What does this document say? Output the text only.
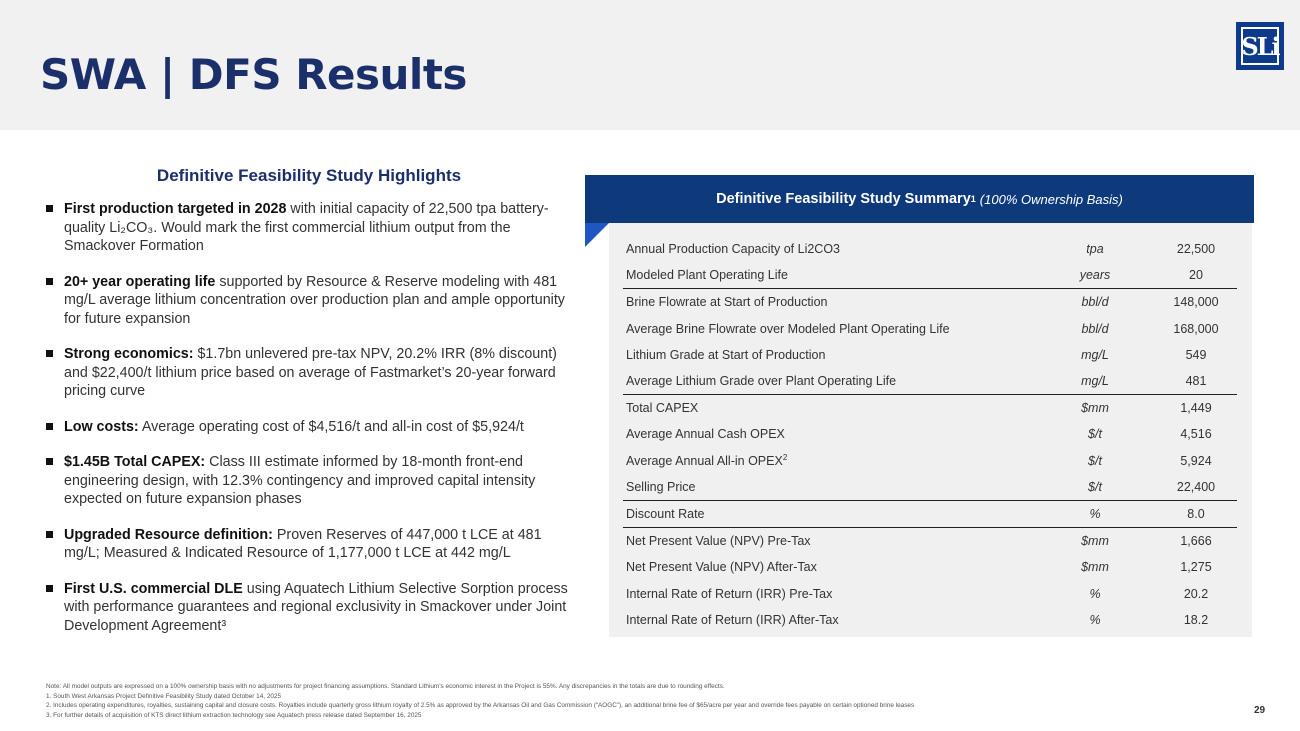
SWA | DFS Results
SLi
Definitive Feasibility Study Highlights
First production targeted in 2028 with initial capacity of 22,500 tpa battery-quality Li₂CO₃. Would mark the first commercial lithium output from the Smackover Formation
20+ year operating life supported by Resource & Reserve modeling with 481 mg/L average lithium concentration over production plan and ample opportunity for future expansion
Strong economics: $1.7bn unlevered pre-tax NPV, 20.2% IRR (8% discount) and $22,400/t lithium price based on average of Fastmarket’s 20-year forward pricing curve
Low costs: Average operating cost of $4,516/t and all-in cost of $5,924/t
$1.45B Total CAPEX: Class III estimate informed by 18-month front-end engineering design, with 12.3% contingency and improved capital intensity expected on future expansion phases
Upgraded Resource definition: Proven Reserves of 447,000 t LCE at 481 mg/L; Measured & Indicated Resource of 1,177,000 t LCE at 442 mg/L
First U.S. commercial DLE using Aquatech Lithium Selective Sorption process with performance guarantees and regional exclusivity in Smackover under Joint Development Agreement³
Definitive Feasibility Study Summary 1 (100% Ownership Basis)
Annual Production Capacity of Li2CO3	tpa	22,500
Modeled Plant Operating Life	years	20
Brine Flowrate at Start of Production	bbl/d	148,000
Average Brine Flowrate over Modeled Plant Operating Life	bbl/d	168,000
Lithium Grade at Start of Production	mg/L	549
Average Lithium Grade over Plant Operating Life	mg/L	481
Total CAPEX	$mm	1,449
Average Annual Cash OPEX	$/t	4,516
Average Annual All-in OPEX$^2$	$/t	5,924
Selling Price	$/t	22,400
Discount Rate	%	8.0
Net Present Value (NPV) Pre-Tax	$mm	1,666
Net Present Value (NPV) After-Tax	$mm	1,275
Internal Rate of Return (IRR) Pre-Tax	%	20.2
Internal Rate of Return (IRR) After-Tax	%	18.2
Note: All model outputs are expressed on a 100% ownership basis with no adjustments for project financing assumptions. Standard Lithium’s economic interest in the Project is 55%. Any discrepancies in the totals are due to rounding effects.
1. South West Arkansas Project Definitive Feasibility Study dated October 14, 2025
2. Includes operating expenditures, royalties, sustaining capital and closure costs. Royalties include quarterly gross lithium royalty of 2.5% as approved by the Arkansas Oil and Gas Commission (“AOGC”), an additional brine fee of $65/acre per year and override fees payable on certain optioned brine leases
3. For further details of acquisition of KTS direct lithium extraction technology see Aquatech press release dated September 16, 2025	29
